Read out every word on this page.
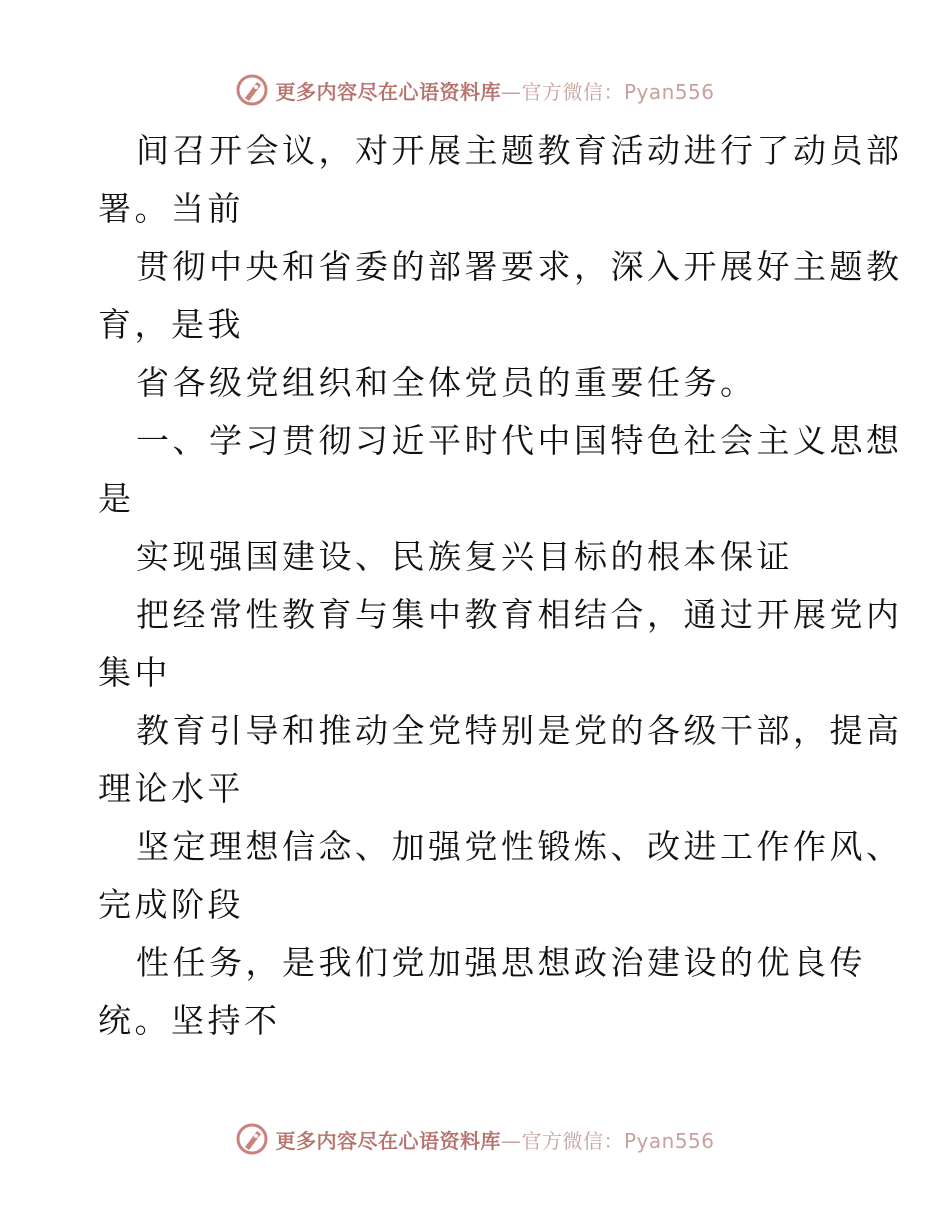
更多内容尽在心语资料库—官方微信：Pyan556

间召开会议，对开展主题教育活动进行了动员部
署。当前

贯彻中央和省委的部署要求，深入开展好主题教
育，是我

省各级党组织和全体党员的重要任务。

一、学习贯彻习近平时代中国特色社会主义思想
是

实现强国建设、民族复兴目标的根本保证

把经常性教育与集中教育相结合，通过开展党内
集中

教育引导和推动全党特别是党的各级干部，提高
理论水平

坚定理想信念、加强党性锻炼、改进工作作风、
完成阶段

性任务，是我们党加强思想政治建设的优良传
统。坚持不

更多内容尽在心语资料库—官方微信：Pyan556
